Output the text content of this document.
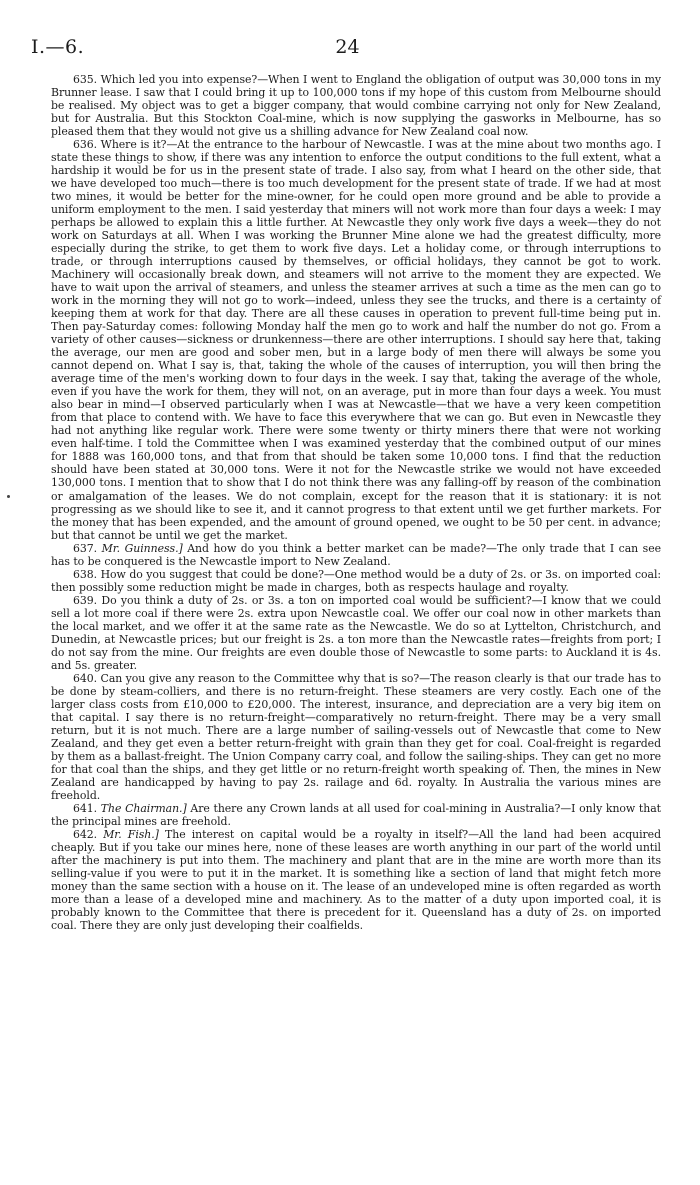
I.—6.	24

635. Which led you into expense?—When I went to England the obligation of output was 30,000 tons in my Brunner lease. I saw that I could bring it up to 100,000 tons if my hope of this custom from Melbourne should be realised. My object was to get a bigger company, that would combine carrying not only for New Zealand, but for Australia. But this Stockton Coal-mine, which is now supplying the gasworks in Melbourne, has so pleased them that they would not give us a shilling advance for New Zealand coal now.

636. Where is it?—At the entrance to the harbour of Newcastle. I was at the mine about two months ago. I state these things to show, if there was any intention to enforce the output conditions to the full extent, what a hardship it would be for us in the present state of trade. I also say, from what I heard on the other side, that we have developed too much—there is too much development for the present state of trade. If we had at most two mines, it would be better for the mine-owner, for he could open more ground and be able to provide a uniform employment to the men. I said yesterday that miners will not work more than four days a week: I may perhaps be allowed to explain this a little further. At Newcastle they only work five days a week—they do not work on Saturdays at all. When I was working the Brunner Mine alone we had the greatest difficulty, more especially during the strike, to get them to work five days. Let a holiday come, or through interruptions to trade, or through interruptions caused by themselves, or official holidays, they cannot be got to work. Machinery will occasionally break down, and steamers will not arrive to the moment they are expected. We have to wait upon the arrival of steamers, and unless the steamer arrives at such a time as the men can go to work in the morning they will not go to work—indeed, unless they see the trucks, and there is a certainty of keeping them at work for that day. There are all these causes in operation to prevent full-time being put in. Then pay-Saturday comes: following Monday half the men go to work and half the number do not go. From a variety of other causes—sickness or drunkenness—there are other interruptions. I should say here that, taking the average, our men are good and sober men, but in a large body of men there will always be some you cannot depend on. What I say is, that, taking the whole of the causes of interruption, you will then bring the average time of the men's working down to four days in the week. I say that, taking the average of the whole, even if you have the work for them, they will not, on an average, put in more than four days a week. You must also bear in mind—I observed particularly when I was at Newcastle—that we have a very keen competition from that place to contend with. We have to face this everywhere that we can go. But even in Newcastle they had not anything like regular work. There were some twenty or thirty miners there that were not working even half-time. I told the Committee when I was examined yesterday that the combined output of our mines for 1888 was 160,000 tons, and that from that should be taken some 10,000 tons. I find that the reduction should have been stated at 30,000 tons. Were it not for the Newcastle strike we would not have exceeded 130,000 tons. I mention that to show that I do not think there was any falling-off by reason of the combination or amalgamation of the leases. We do not complain, except for the reason that it is stationary: it is not progressing as we should like to see it, and it cannot progress to that extent until we get further markets. For the money that has been expended, and the amount of ground opened, we ought to be 50 per cent. in advance; but that cannot be until we get the market.

637. Mr. Guinness.] And how do you think a better market can be made?—The only trade that I can see has to be conquered is the Newcastle import to New Zealand.

638. How do you suggest that could be done?—One method would be a duty of 2s. or 3s. on imported coal: then possibly some reduction might be made in charges, both as respects haulage and royalty.

639. Do you think a duty of 2s. or 3s. a ton on imported coal would be sufficient?—I know that we could sell a lot more coal if there were 2s. extra upon Newcastle coal. We offer our coal now in other markets than the local market, and we offer it at the same rate as the Newcastle. We do so at Lyttelton, Christchurch, and Dunedin, at Newcastle prices; but our freight is 2s. a ton more than the Newcastle rates—freights from port; I do not say from the mine. Our freights are even double those of Newcastle to some parts: to Auckland it is 4s. and 5s. greater.

640. Can you give any reason to the Committee why that is so?—The reason clearly is that our trade has to be done by steam-colliers, and there is no return-freight. These steamers are very costly. Each one of the larger class costs from £10,000 to £20,000. The interest, insurance, and depreciation are a very big item on that capital. I say there is no return-freight—comparatively no return-freight. There may be a very small return, but it is not much. There are a large number of sailing-vessels out of Newcastle that come to New Zealand, and they get even a better return-freight with grain than they get for coal. Coal-freight is regarded by them as a ballast-freight. The Union Company carry coal, and follow the sailing-ships. They can get no more for that coal than the ships, and they get little or no return-freight worth speaking of. Then, the mines in New Zealand are handicapped by having to pay 2s. railage and 6d. royalty. In Australia the various mines are freehold.

641. The Chairman.] Are there any Crown lands at all used for coal-mining in Australia?—I only know that the principal mines are freehold.

642. Mr. Fish.] The interest on capital would be a royalty in itself?—All the land had been acquired cheaply. But if you take our mines here, none of these leases are worth anything in our part of the world until after the machinery is put into them. The machinery and plant that are in the mine are worth more than its selling-value if you were to put it in the market. It is something like a section of land that might fetch more money than the same section with a house on it. The lease of an undeveloped mine is often regarded as worth more than a lease of a developed mine and machinery. As to the matter of a duty upon imported coal, it is probably known to the Committee that there is precedent for it. Queensland has a duty of 2s. on imported coal. There they are only just developing their coalfields.
